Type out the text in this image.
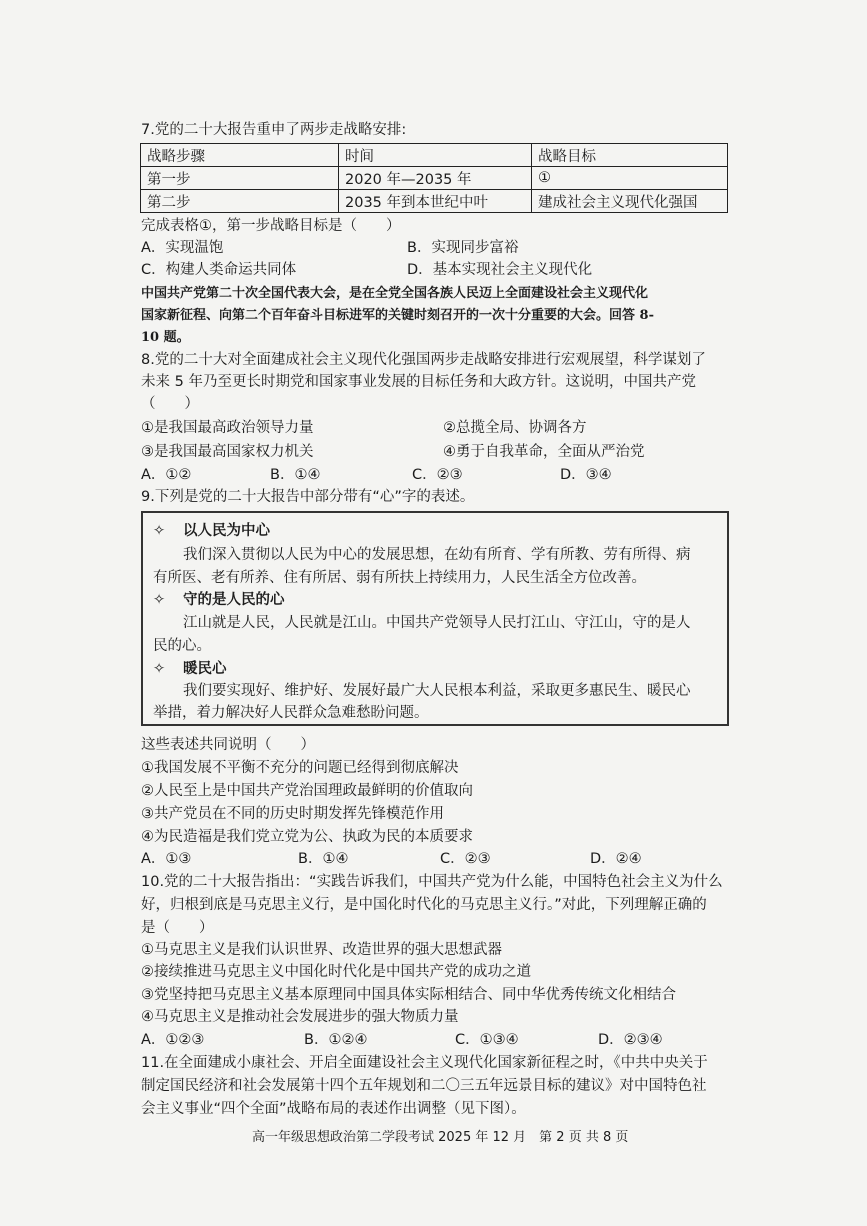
7.党的二十大报告重申了两步走战略安排:
战略步骤	时间	战略目标
第一步	2020 年—2035 年	①
第二步	2035 年到本世纪中叶	建成社会主义现代化强国
完成表格①，第一步战略目标是（　　）
A．实现温饱	B．实现同步富裕
C．构建人类命运共同体	D．基本实现社会主义现代化
中国共产党第二十次全国代表大会，是在全党全国各族人民迈上全面建设社会主义现代化
国家新征程、向第二个百年奋斗目标进军的关键时刻召开的一次十分重要的大会。回答 8-
10 题。
8.党的二十大对全面建成社会主义现代化强国两步走战略安排进行宏观展望，科学谋划了
未来 5 年乃至更长时期党和国家事业发展的目标任务和大政方针。这说明，中国共产党
（　　）
①是我国最高政治领导力量	②总揽全局、协调各方
③是我国最高国家权力机关	④勇于自我革命，全面从严治党
A．①②	B．①④	C．②③	D．③④
9.下列是党的二十大报告中部分带有“心”字的表述。
✧ 以人民为中心
我们深入贯彻以人民为中心的发展思想，在幼有所育、学有所教、劳有所得、病
有所医、老有所养、住有所居、弱有所扶上持续用力，人民生活全方位改善。
✧ 守的是人民的心
江山就是人民，人民就是江山。中国共产党领导人民打江山、守江山，守的是人
民的心。
✧ 暖民心
我们要实现好、维护好、发展好最广大人民根本利益，采取更多惠民生、暖民心
举措，着力解决好人民群众急难愁盼问题。
这些表述共同说明（　　）
①我国发展不平衡不充分的问题已经得到彻底解决
②人民至上是中国共产党治国理政最鲜明的价值取向
③共产党员在不同的历史时期发挥先锋模范作用
④为民造福是我们党立党为公、执政为民的本质要求
A．①③	B．①④	C．②③	D．②④
10.党的二十大报告指出：“实践告诉我们，中国共产党为什么能，中国特色社会主义为什么
好，归根到底是马克思主义行，是中国化时代化的马克思主义行。”对此，下列理解正确的
是（　　）
①马克思主义是我们认识世界、改造世界的强大思想武器
②接续推进马克思主义中国化时代化是中国共产党的成功之道
③党坚持把马克思主义基本原理同中国具体实际相结合、同中华优秀传统文化相结合
④马克思主义是推动社会发展进步的强大物质力量
A．①②③	B．①②④	C．①③④	D．②③④
11.在全面建成小康社会、开启全面建设社会主义现代化国家新征程之时，《中共中央关于
制定国民经济和社会发展第十四个五年规划和二〇三五年远景目标的建议》对中国特色社
会主义事业“四个全面”战略布局的表述作出调整（见下图）。
高一年级思想政治第二学段考试 2025 年 12 月　第 2 页 共 8 页
